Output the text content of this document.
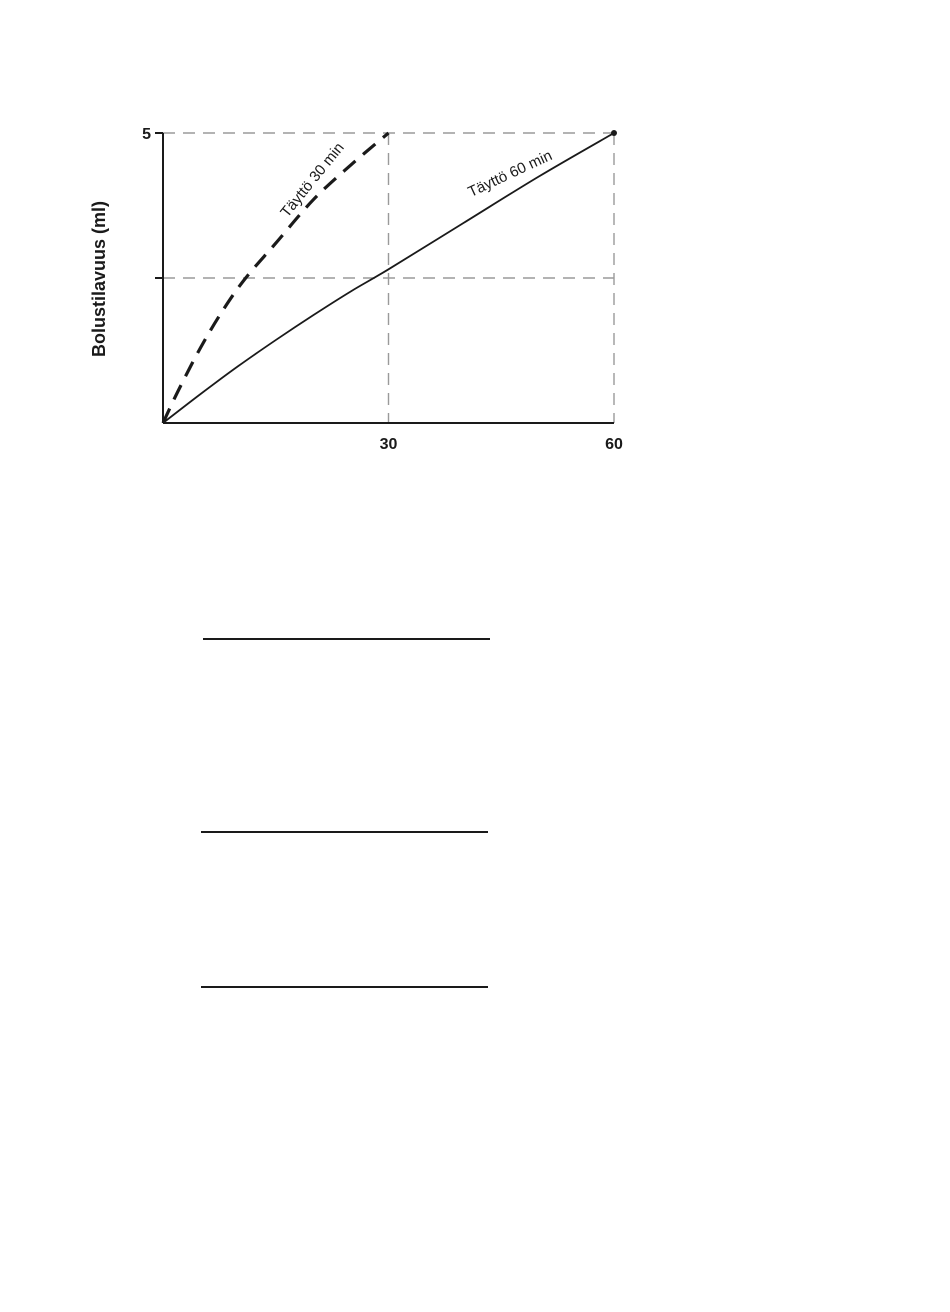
5
30	60
Täyttö 30 min	Täyttö 60 min
Bolustilavuus (ml)
